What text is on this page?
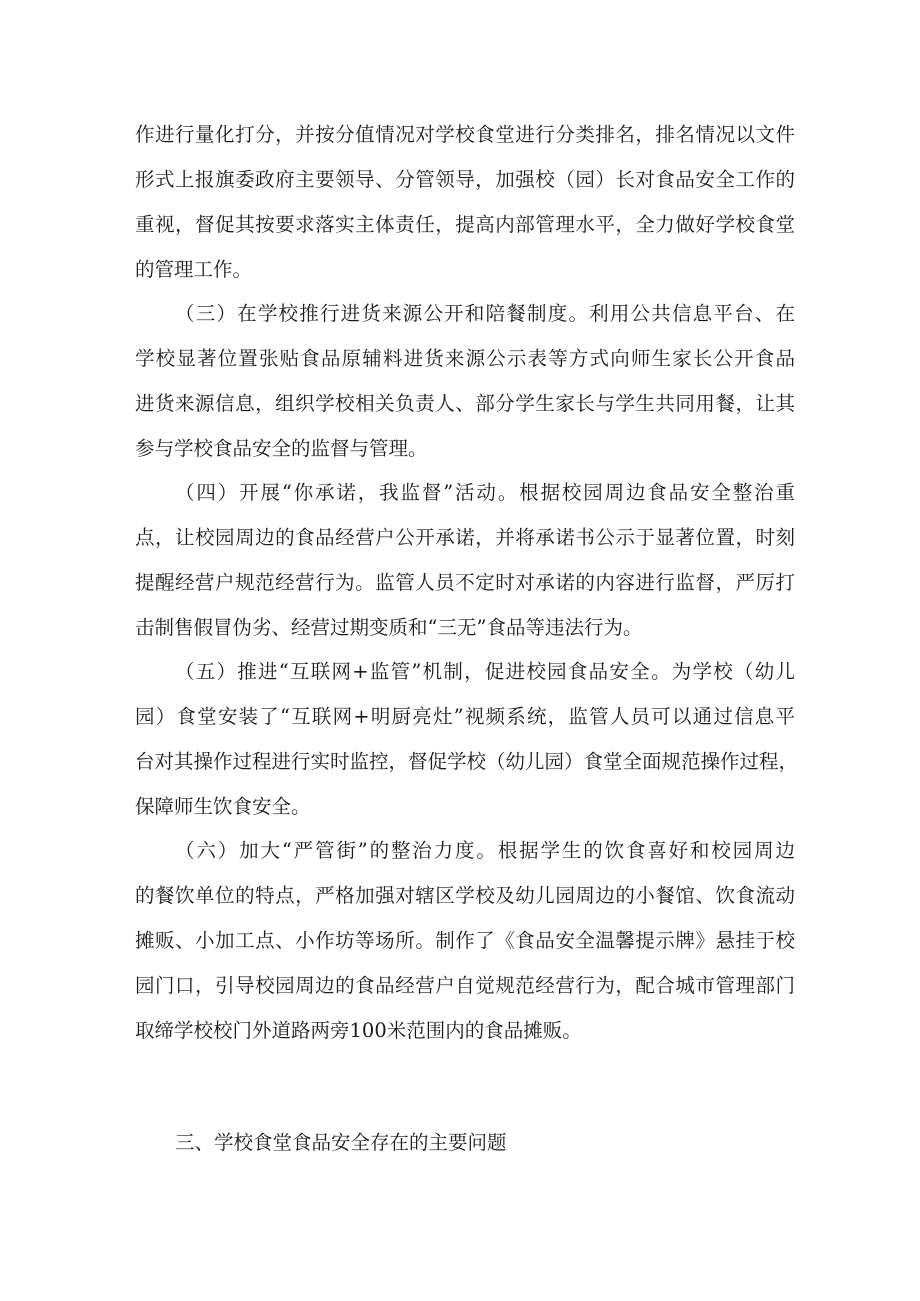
作进行量化打分，并按分值情况对学校食堂进行分类排名，排名情况以文件
形式上报旗委政府主要领导、分管领导，加强校（园）长对食品安全工作的
重视，督促其按要求落实主体责任，提高内部管理水平，全力做好学校食堂
的管理工作。
（三）在学校推行进货来源公开和陪餐制度。利用公共信息平台、在
学校显著位置张贴食品原辅料进货来源公示表等方式向师生家长公开食品
进货来源信息，组织学校相关负责人、部分学生家长与学生共同用餐，让其
参与学校食品安全的监督与管理。
（四）开展“你承诺，我监督”活动。根据校园周边食品安全整治重
点，让校园周边的食品经营户公开承诺，并将承诺书公示于显著位置，时刻
提醒经营户规范经营行为。监管人员不定时对承诺的内容进行监督，严厉打
击制售假冒伪劣、经营过期变质和“三无”食品等违法行为。
（五）推进“互联网+监管”机制，促进校园食品安全。为学校（幼儿
园）食堂安装了“互联网+明厨亮灶”视频系统，监管人员可以通过信息平
台对其操作过程进行实时监控，督促学校（幼儿园）食堂全面规范操作过程，
保障师生饮食安全。
（六）加大“严管街”的整治力度。根据学生的饮食喜好和校园周边
的餐饮单位的特点，严格加强对辖区学校及幼儿园周边的小餐馆、饮食流动
摊贩、小加工点、小作坊等场所。制作了《食品安全温馨提示牌》悬挂于校
园门口，引导校园周边的食品经营户自觉规范经营行为，配合城市管理部门
取缔学校校门外道路两旁100米范围内的食品摊贩。
三、学校食堂食品安全存在的主要问题
